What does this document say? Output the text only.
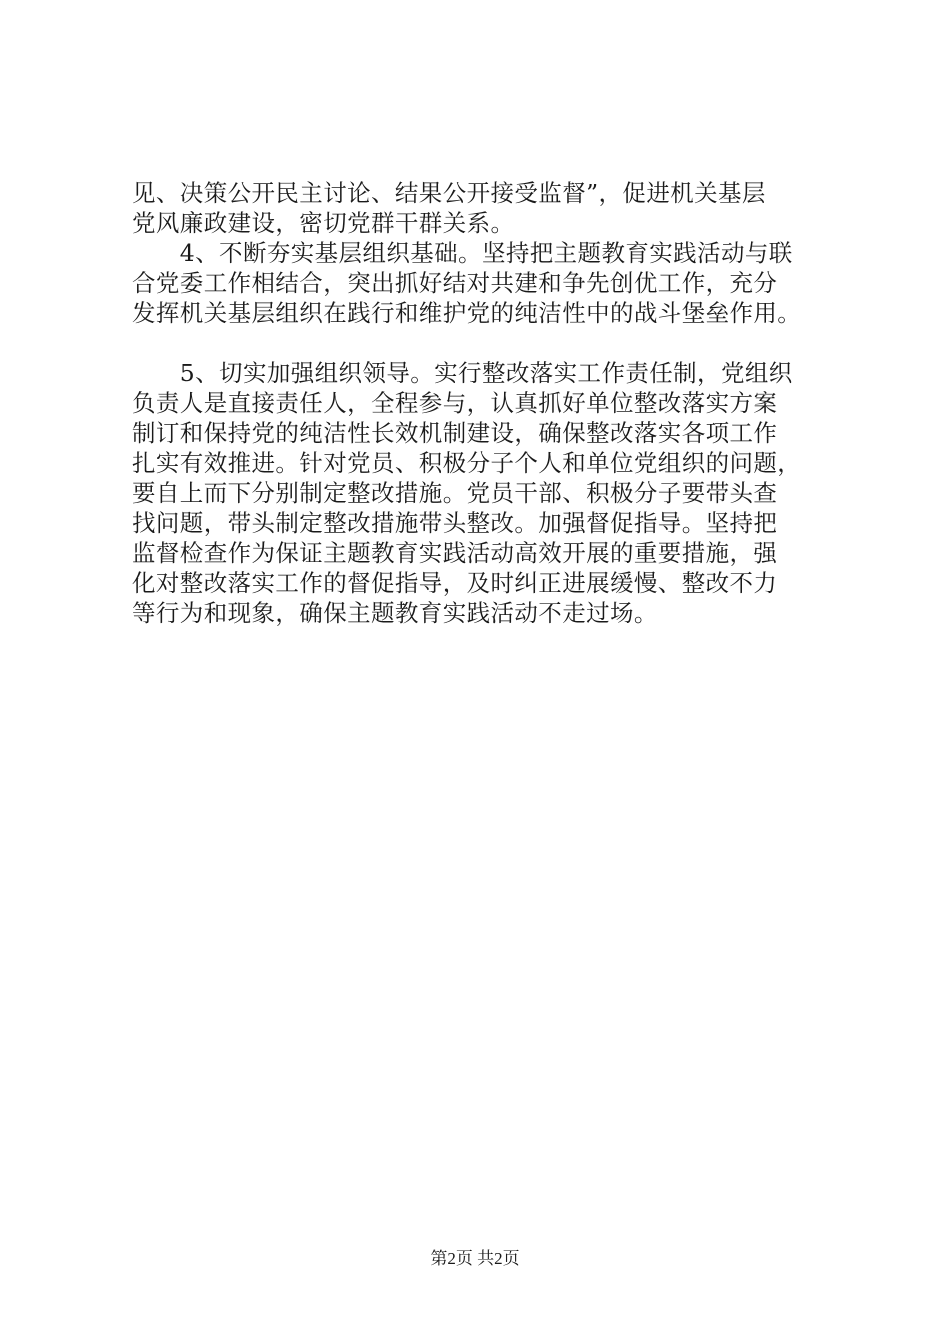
见、决策公开民主讨论、结果公开接受监督”，促进机关基层
党风廉政建设，密切党群干群关系。
　　4、不断夯实基层组织基础。坚持把主题教育实践活动与联
合党委工作相结合，突出抓好结对共建和争先创优工作，充分
发挥机关基层组织在践行和维护党的纯洁性中的战斗堡垒作用。
　　5、切实加强组织领导。实行整改落实工作责任制，党组织
负责人是直接责任人，全程参与，认真抓好单位整改落实方案
制订和保持党的纯洁性长效机制建设，确保整改落实各项工作
扎实有效推进。针对党员、积极分子个人和单位党组织的问题，
要自上而下分别制定整改措施。党员干部、积极分子要带头查
找问题，带头制定整改措施带头整改。加强督促指导。坚持把
监督检查作为保证主题教育实践活动高效开展的重要措施，强
化对整改落实工作的督促指导，及时纠正进展缓慢、整改不力
等行为和现象，确保主题教育实践活动不走过场。
第2页 共2页
